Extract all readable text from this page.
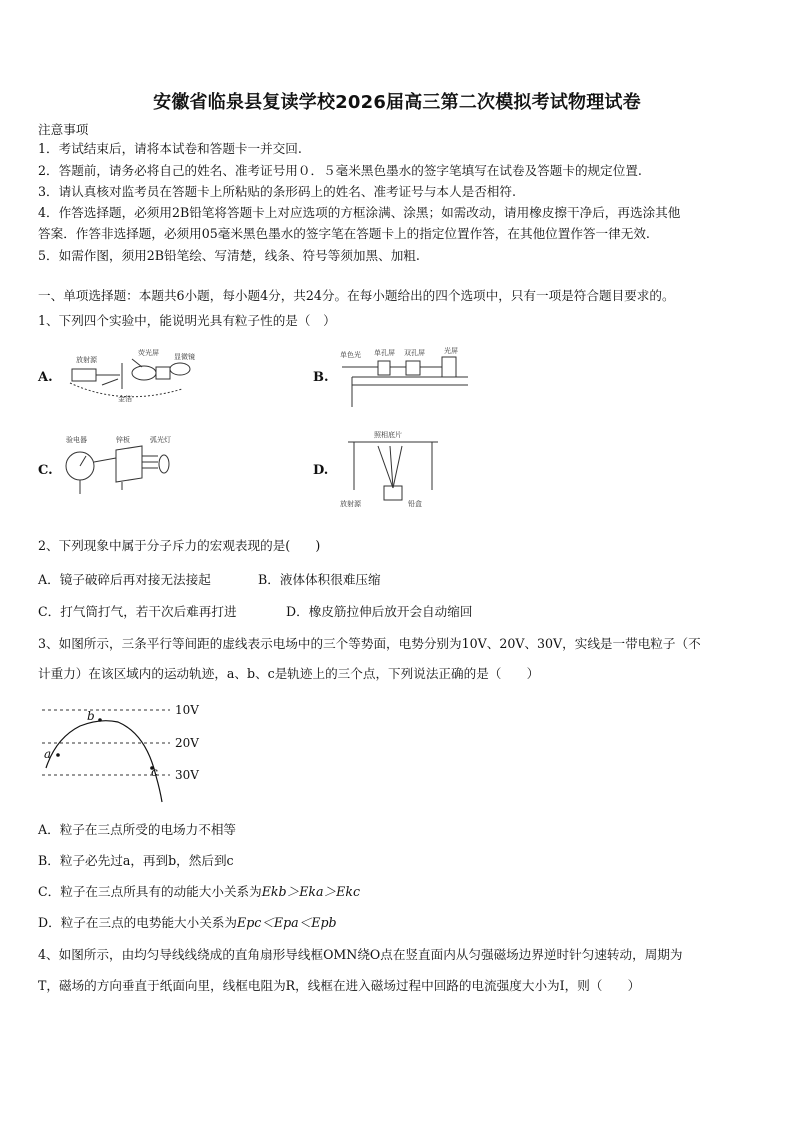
安徽省临泉县复读学校2026届高三第二次模拟考试物理试卷
注意事项
1．考试结束后，请将本试卷和答题卡一并交回.
2．答题前，请务必将自己的姓名、准考证号用０．５毫米黑色墨水的签字笔填写在试卷及答题卡的规定位置.
3．请认真核对监考员在答题卡上所粘贴的条形码上的姓名、准考证号与本人是否相符.
4．作答选择题，必须用2B铅笔将答题卡上对应选项的方框涂满、涂黑；如需改动，请用橡皮擦干净后，再选涂其他
答案．作答非选择题，必须用05毫米黑色墨水的签字笔在答题卡上的指定位置作答，在其他位置作答一律无效.
5．如需作图，须用2B铅笔绘、写清楚，线条、符号等须加黑、加粗.
一、单项选择题：本题共6小题，每小题4分，共24分。在每小题给出的四个选项中，只有一项是符合题目要求的。
1、下列四个实验中，能说明光具有粒子性的是（　）
A.
放射源
荧光屏 显微镜
金箔
B.
单色光 单孔屏 双孔屏	光屏
C.
验电器	锌板	弧光灯
D.
照相底片
放射源	铅盒
2、下列现象中属于分子斥力的宏观表现的是(　　)
A．镜子破碎后再对接无法接起	B．液体体积很难压缩
C．打气筒打气，若干次后难再打进	D．橡皮筋拉伸后放开会自动缩回
3、如图所示，三条平行等间距的虚线表示电场中的三个等势面，电势分别为10V、20V、30V，实线是一带电粒子（不
计重力）在该区域内的运动轨迹，a、b、c是轨迹上的三个点，下列说法正确的是（　　）
10V
20V
30V
a
b
c
A．粒子在三点所受的电场力不相等
B．粒子必先过a，再到b，然后到c
C．粒子在三点所具有的动能大小关系为Ekb＞Eka＞Ekc
D．粒子在三点的电势能大小关系为Epc＜Epa＜Epb
4、如图所示，由均匀导线线绕成的直角扇形导线框OMN绕O点在竖直面内从匀强磁场边界逆时针匀速转动，周期为
T，磁场的方向垂直于纸面向里，线框电阻为R，线框在进入磁场过程中回路的电流强度大小为I，则（　　）
